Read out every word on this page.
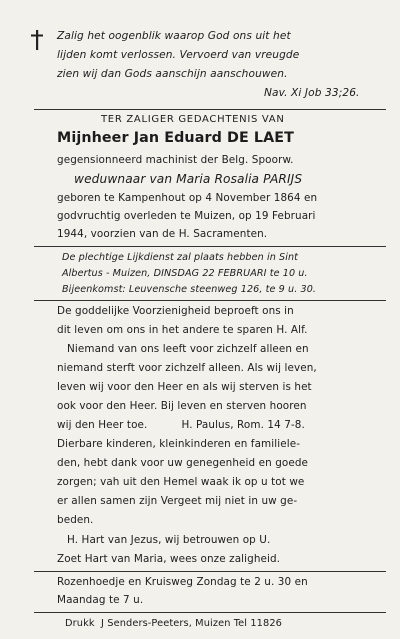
Zalig het oogenblik waarop God ons uit het
lijden komt verlossen. Vervoerd van vreugde
zien wij dan Gods aanschijn aanschouwen.
Nav. Xi Job 33;26.
TER ZALIGER GEDACHTENIS VAN
Mijnheer Jan Eduard DE LAET
gegensionneerd machinist der Belg. Spoorw.
weduwnaar van Maria Rosalia PARIJS
geboren te Kampenhout op 4 November 1864 en
godvruchtig overleden te Muizen, op 19 Februari
1944, voorzien van de H. Sacramenten.
De plechtige Lijkdienst zal plaats hebben in Sint
Albertus - Muizen, DINSDAG 22 FEBRUARI te 10 u.
Bijeenkomst: Leuvensche steenweg 126, te 9 u. 30.
De goddelijke Voorzienigheid beproeft ons in
dit leven om ons in het andere te sparen H. Alf.
Niemand van ons leeft voor zichzelf alleen en
niemand sterft voor zichzelf alleen. Als wij leven,
leven wij voor den Heer en als wij sterven is het
ook voor den Heer. Bij leven en sterven hooren
wij den Heer toe.          H. Paulus, Rom. 14 7-8.
Dierbare kinderen, kleinkinderen en familiele-
den, hebt dank voor uw genegenheid en goede
zorgen; vah uit den Hemel waak ik op u tot we
er allen samen zijn Vergeet mij niet in uw ge-
beden.
H. Hart van Jezus, wij betrouwen op U.
Zoet Hart van Maria, wees onze zaligheid.
Rozenhoedje en Kruisweg Zondag te 2 u. 30 en
Maandag te 7 u.
Drukk  J Senders-Peeters, Muizen Tel 11826
